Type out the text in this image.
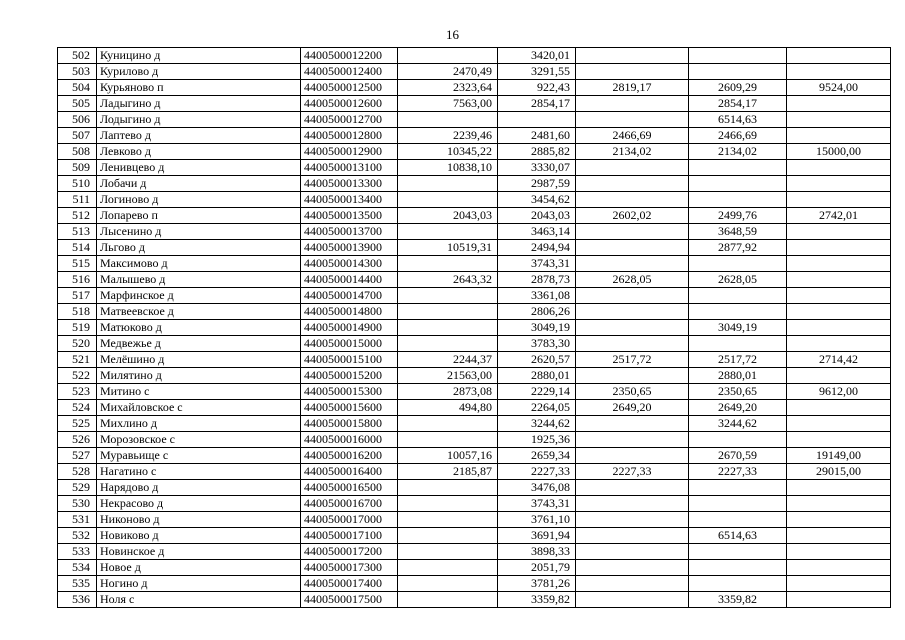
16
502	Куницино д	4400500012200		3420,01			
503	Курилово д	4400500012400	2470,49	3291,55			
504	Курьяново п	4400500012500	2323,64	922,43	2819,17	2609,29	9524,00
505	Ладыгино д	4400500012600	7563,00	2854,17		2854,17	
506	Лодыгино д	4400500012700				6514,63	
507	Лаптево д	4400500012800	2239,46	2481,60	2466,69	2466,69	
508	Левково д	4400500012900	10345,22	2885,82	2134,02	2134,02	15000,00
509	Ленивцево д	4400500013100	10838,10	3330,07			
510	Лобачи д	4400500013300		2987,59			
511	Логиново д	4400500013400		3454,62			
512	Лопарево п	4400500013500	2043,03	2043,03	2602,02	2499,76	2742,01
513	Лысенино д	4400500013700		3463,14		3648,59	
514	Льгово д	4400500013900	10519,31	2494,94		2877,92	
515	Максимово д	4400500014300		3743,31			
516	Малышево д	4400500014400	2643,32	2878,73	2628,05	2628,05	
517	Марфинское д	4400500014700		3361,08			
518	Матвеевское д	4400500014800		2806,26			
519	Матюково д	4400500014900		3049,19		3049,19	
520	Медвежье д	4400500015000		3783,30			
521	Мелёшино д	4400500015100	2244,37	2620,57	2517,72	2517,72	2714,42
522	Милятино д	4400500015200	21563,00	2880,01		2880,01	
523	Митино с	4400500015300	2873,08	2229,14	2350,65	2350,65	9612,00
524	Михайловское с	4400500015600	494,80	2264,05	2649,20	2649,20	
525	Михлино д	4400500015800		3244,62		3244,62	
526	Морозовское с	4400500016000		1925,36			
527	Муравьище с	4400500016200	10057,16	2659,34		2670,59	19149,00
528	Нагатино с	4400500016400	2185,87	2227,33	2227,33	2227,33	29015,00
529	Нарядово д	4400500016500		3476,08			
530	Некрасово д	4400500016700		3743,31			
531	Никоново д	4400500017000		3761,10			
532	Новиково д	4400500017100		3691,94		6514,63	
533	Новинское д	4400500017200		3898,33			
534	Новое д	4400500017300		2051,79			
535	Ногино д	4400500017400		3781,26			
536	Ноля с	4400500017500		3359,82		3359,82	
